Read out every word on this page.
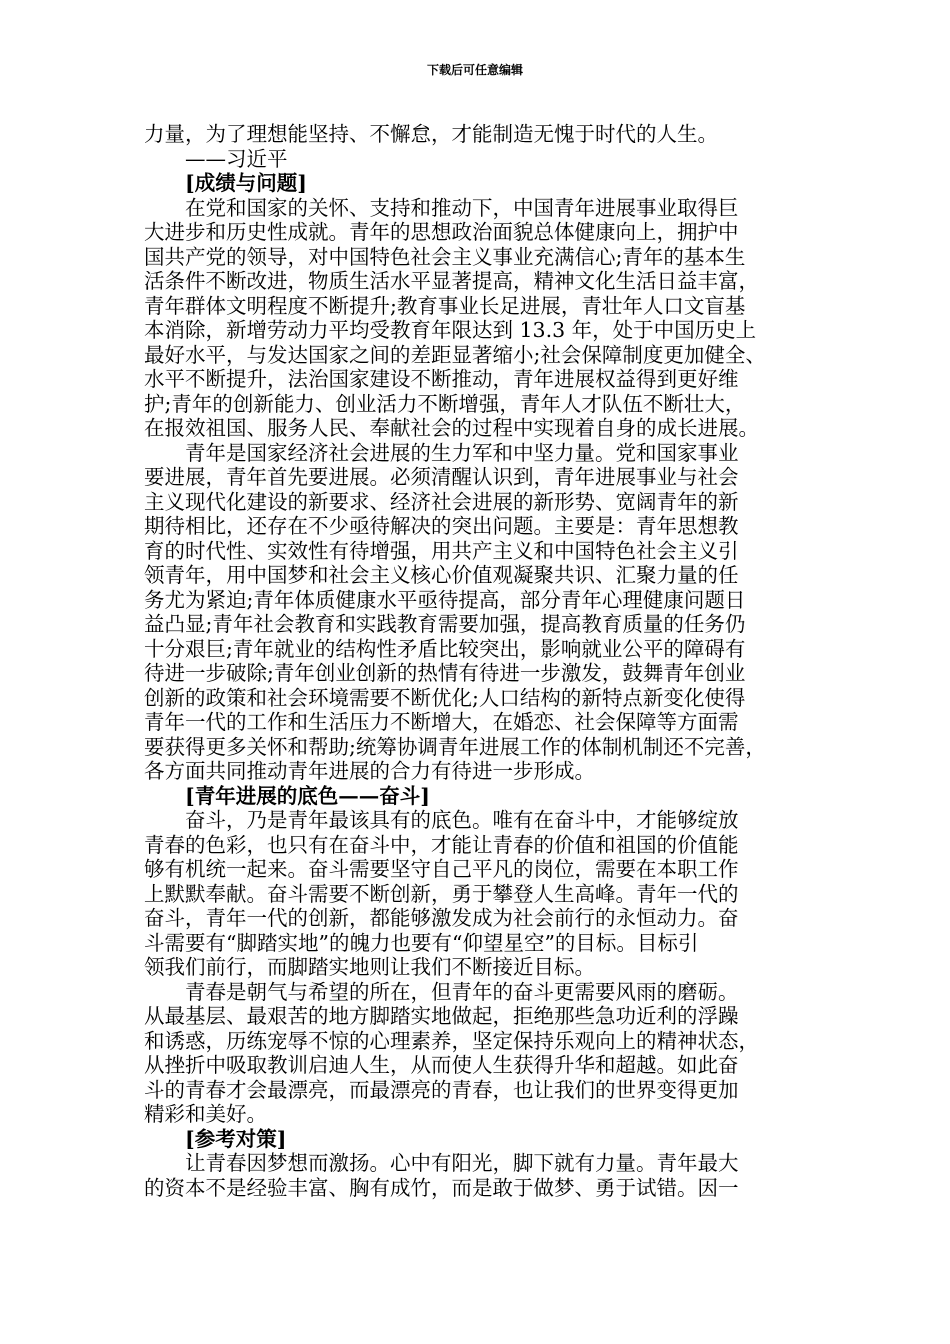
下载后可任意编辑
力量，为了理想能坚持、不懈怠，才能制造无愧于时代的人生。
——习近平
[成绩与问题]
在党和国家的关怀、支持和推动下，中国青年进展事业取得巨
大进步和历史性成就。青年的思想政治面貌总体健康向上，拥护中
国共产党的领导，对中国特色社会主义事业充满信心;青年的基本生
活条件不断改进，物质生活水平显著提高，精神文化生活日益丰富，
青年群体文明程度不断提升;教育事业长足进展，青壮年人口文盲基
本消除，新增劳动力平均受教育年限达到 13.3 年，处于中国历史上
最好水平，与发达国家之间的差距显著缩小;社会保障制度更加健全、
水平不断提升，法治国家建设不断推动，青年进展权益得到更好维
护;青年的创新能力、创业活力不断增强，青年人才队伍不断壮大，
在报效祖国、服务人民、奉献社会的过程中实现着自身的成长进展。
青年是国家经济社会进展的生力军和中坚力量。党和国家事业
要进展，青年首先要进展。必须清醒认识到，青年进展事业与社会
主义现代化建设的新要求、经济社会进展的新形势、宽阔青年的新
期待相比，还存在不少亟待解决的突出问题。主要是：青年思想教
育的时代性、实效性有待增强，用共产主义和中国特色社会主义引
领青年，用中国梦和社会主义核心价值观凝聚共识、汇聚力量的任
务尤为紧迫;青年体质健康水平亟待提高，部分青年心理健康问题日
益凸显;青年社会教育和实践教育需要加强，提高教育质量的任务仍
十分艰巨;青年就业的结构性矛盾比较突出，影响就业公平的障碍有
待进一步破除;青年创业创新的热情有待进一步激发，鼓舞青年创业
创新的政策和社会环境需要不断优化;人口结构的新特点新变化使得
青年一代的工作和生活压力不断增大，在婚恋、社会保障等方面需
要获得更多关怀和帮助;统筹协调青年进展工作的体制机制还不完善，
各方面共同推动青年进展的合力有待进一步形成。
[青年进展的底色——奋斗]
奋斗，乃是青年最该具有的底色。唯有在奋斗中，才能够绽放
青春的色彩，也只有在奋斗中，才能让青春的价值和祖国的价值能
够有机统一起来。奋斗需要坚守自己平凡的岗位，需要在本职工作
上默默奉献。奋斗需要不断创新，勇于攀登人生高峰。青年一代的
奋斗，青年一代的创新，都能够激发成为社会前行的永恒动力。奋
斗需要有“脚踏实地”的魄力也要有“仰望星空”的目标。目标引
领我们前行，而脚踏实地则让我们不断接近目标。
青春是朝气与希望的所在，但青年的奋斗更需要风雨的磨砺。
从最基层、最艰苦的地方脚踏实地做起，拒绝那些急功近利的浮躁
和诱惑，历练宠辱不惊的心理素养，坚定保持乐观向上的精神状态，
从挫折中吸取教训启迪人生，从而使人生获得升华和超越。如此奋
斗的青春才会最漂亮，而最漂亮的青春，也让我们的世界变得更加
精彩和美好。
[参考对策]
让青春因梦想而激扬。心中有阳光，脚下就有力量。青年最大
的资本不是经验丰富、胸有成竹，而是敢于做梦、勇于试错。因一
